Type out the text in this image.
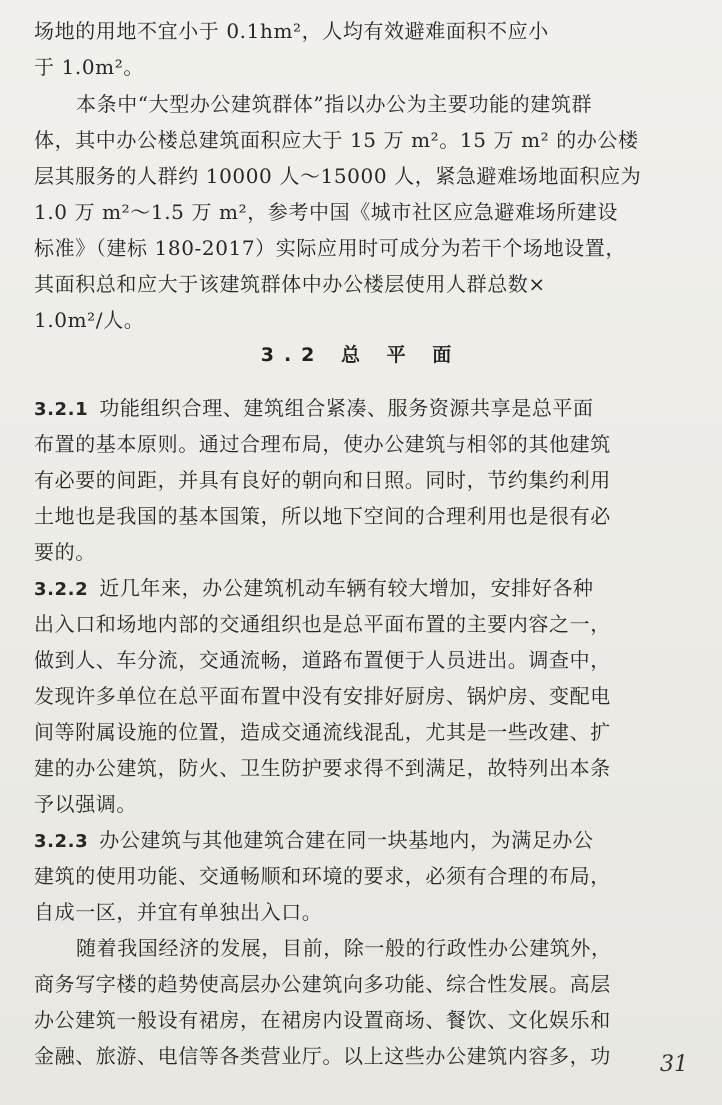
场地的用地不宜小于 0.1hm²，人均有效避难面积不应小
于 1.0m²。
本条中“大型办公建筑群体”指以办公为主要功能的建筑群
体，其中办公楼总建筑面积应大于 15 万 m²。15 万 m² 的办公楼
层其服务的人群约 10000 人～15000 人，紧急避难场地面积应为
1.0 万 m²～1.5 万 m²，参考中国《城市社区应急避难场所建设
标准》（建标 180-2017）实际应用时可成分为若干个场地设置，
其面积总和应大于该建筑群体中办公楼层使用人群总数×
1.0m²/人。
3.2 总 平 面
3.2.1 功能组织合理、建筑组合紧凑、服务资源共享是总平面
布置的基本原则。通过合理布局，使办公建筑与相邻的其他建筑
有必要的间距，并具有良好的朝向和日照。同时，节约集约利用
土地也是我国的基本国策，所以地下空间的合理利用也是很有必
要的。
3.2.2 近几年来，办公建筑机动车辆有较大增加，安排好各种
出入口和场地内部的交通组织也是总平面布置的主要内容之一，
做到人、车分流，交通流畅，道路布置便于人员进出。调查中，
发现许多单位在总平面布置中没有安排好厨房、锅炉房、变配电
间等附属设施的位置，造成交通流线混乱，尤其是一些改建、扩
建的办公建筑，防火、卫生防护要求得不到满足，故特列出本条
予以强调。
3.2.3 办公建筑与其他建筑合建在同一块基地内，为满足办公
建筑的使用功能、交通畅顺和环境的要求，必须有合理的布局，
自成一区，并宜有单独出入口。
随着我国经济的发展，目前，除一般的行政性办公建筑外，
商务写字楼的趋势使高层办公建筑向多功能、综合性发展。高层
办公建筑一般设有裙房，在裙房内设置商场、餐饮、文化娱乐和
金融、旅游、电信等各类营业厅。以上这些办公建筑内容多，功 31
